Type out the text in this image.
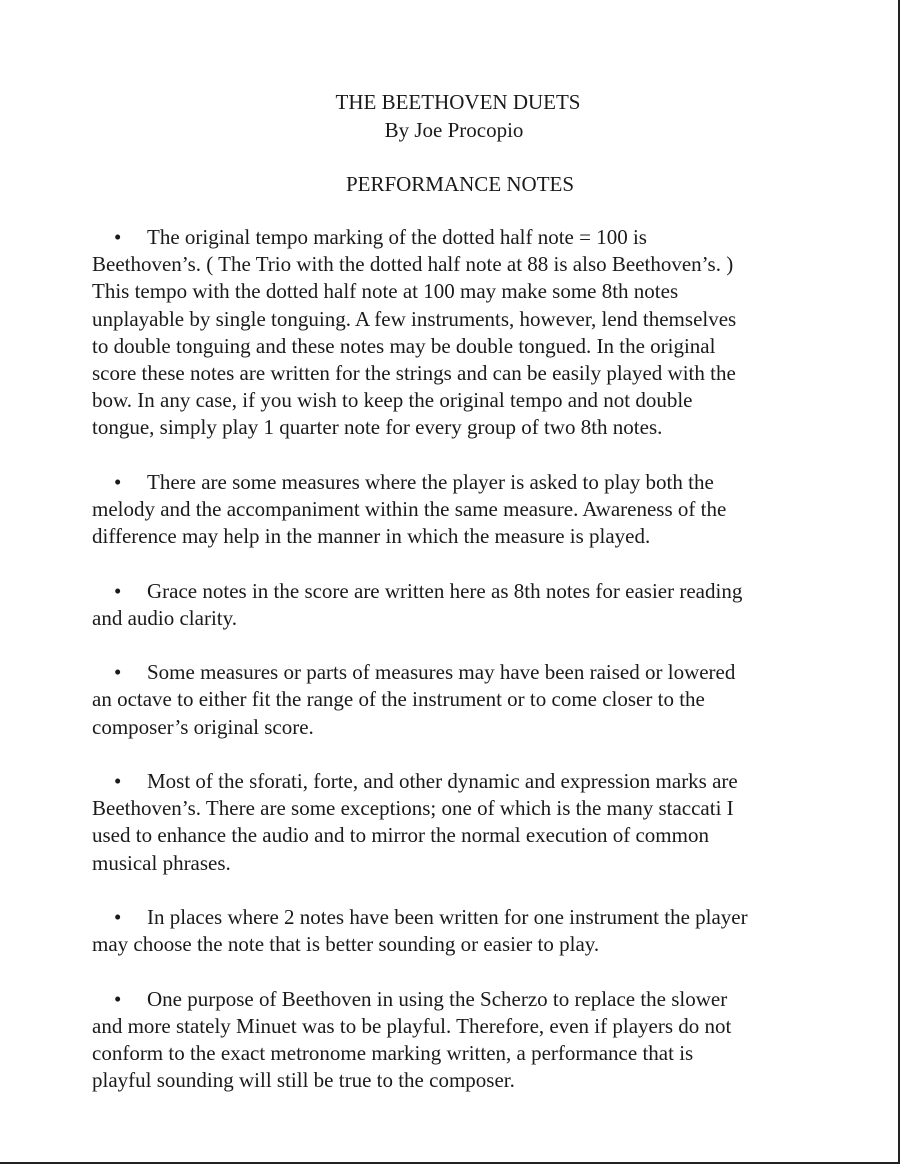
THE BEETHOVEN DUETS
By Joe Procopio
PERFORMANCE NOTES
• The original tempo marking of the dotted half note = 100 is
Beethoven’s. ( The Trio with the dotted half note at 88 is also Beethoven’s. )
This tempo with the dotted half note at 100 may make some 8th notes
unplayable by single tonguing. A few instruments, however, lend themselves
to double tonguing and these notes may be double tongued. In the original
score these notes are written for the strings and can be easily played with the
bow. In any case, if you wish to keep the original tempo and not double
tongue, simply play 1 quarter note for every group of two 8th notes.
• There are some measures where the player is asked to play both the
melody and the accompaniment within the same measure. Awareness of the
difference may help in the manner in which the measure is played.
• Grace notes in the score are written here as 8th notes for easier reading
and audio clarity.
• Some measures or parts of measures may have been raised or lowered
an octave to either fit the range of the instrument or to come closer to the
composer’s original score.
• Most of the sforati, forte, and other dynamic and expression marks are
Beethoven’s. There are some exceptions; one of which is the many staccati I
used to enhance the audio and to mirror the normal execution of common
musical phrases.
• In places where 2 notes have been written for one instrument the player
may choose the note that is better sounding or easier to play.
• One purpose of Beethoven in using the Scherzo to replace the slower
and more stately Minuet was to be playful. Therefore, even if players do not
conform to the exact metronome marking written, a performance that is
playful sounding will still be true to the composer.
